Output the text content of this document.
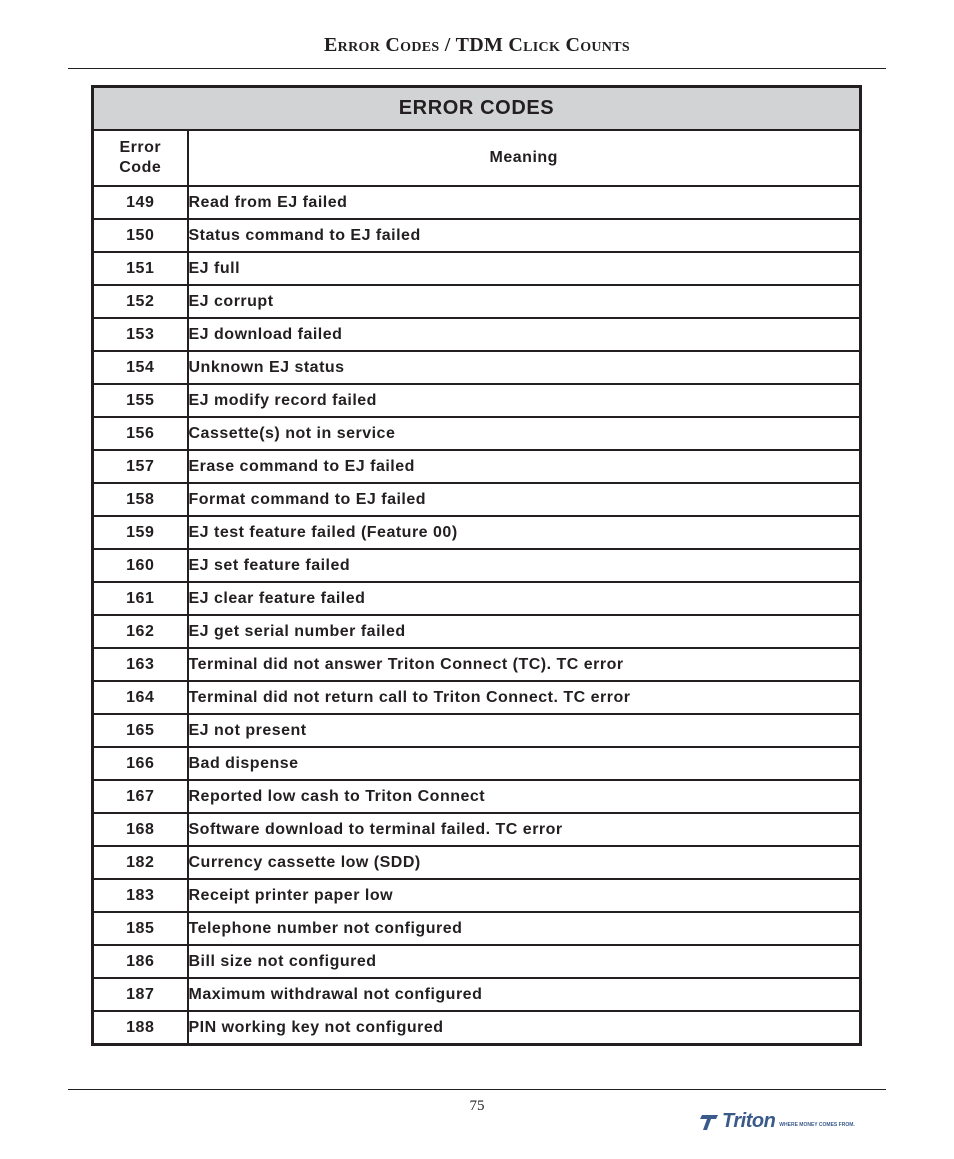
Error Codes / TDM Click Counts
ERROR CODES	
Error
Code	Meaning
149	Read from EJ failed
150	Status command to EJ failed
151	EJ full
152	EJ corrupt
153	EJ download failed
154	Unknown EJ status
155	EJ modify record failed
156	Cassette(s) not in service
157	Erase command to EJ failed
158	Format command to EJ failed
159	EJ test feature failed (Feature 00)
160	EJ set feature failed
161	EJ clear feature failed
162	EJ get serial number failed
163	Terminal did not answer Triton Connect (TC). TC error
164	Terminal did not return call to Triton Connect. TC error
165	EJ not present
166	Bad dispense
167	Reported low cash to Triton Connect
168	Software download to terminal failed. TC error
182	Currency cassette low (SDD)
183	Receipt printer paper low
185	Telephone number not configured
186	Bill size not configured
187	Maximum withdrawal not configured
188	PIN working key not configured
75
Triton WHERE MONEY COMES FROM.
